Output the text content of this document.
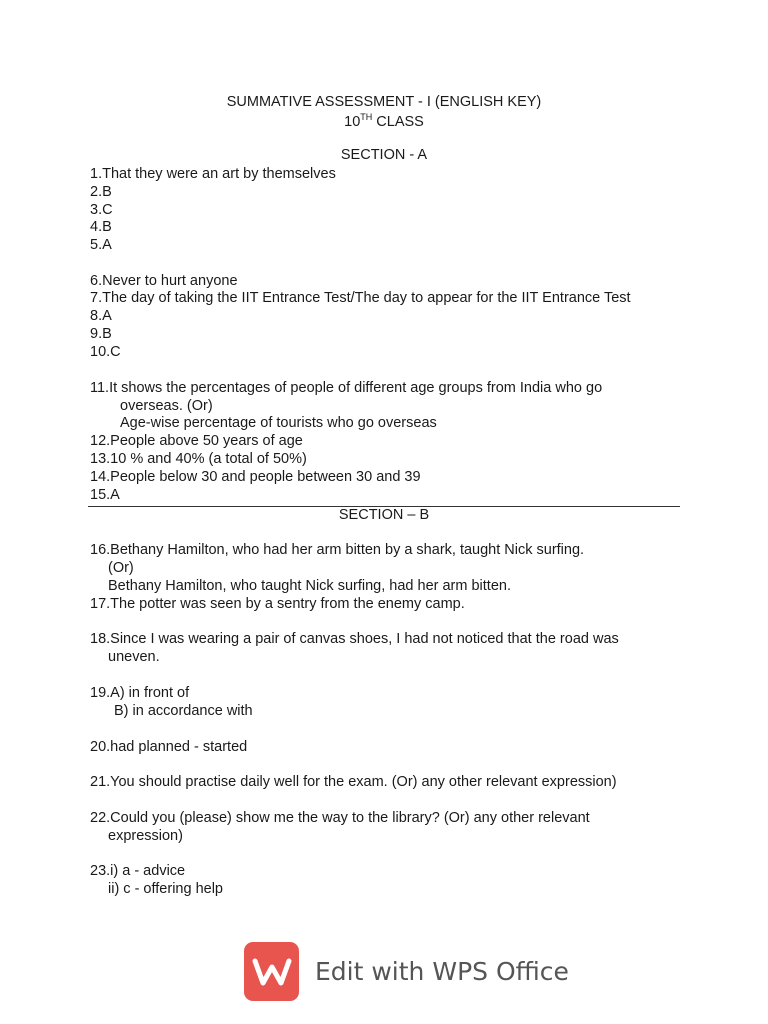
SUMMATIVE ASSESSMENT - I (ENGLISH KEY)
10TH CLASS
SECTION - A
1.That they were an art by themselves
2.B
3.C
4.B
5.A
6.Never to hurt anyone
7.The day of taking the IIT Entrance Test/The day to appear for the IIT Entrance Test
8.A
9.B
10.C
11.It shows the percentages of people of different age groups from India who go
overseas. (Or)
Age-wise percentage of tourists who go overseas
12.People above 50 years of age
13.10 % and 40% (a total of 50%)
14.People below 30 and people between 30 and 39
15.A
SECTION – B
16.Bethany Hamilton, who had her arm bitten by a shark, taught Nick surfing.
(Or)
Bethany Hamilton, who taught Nick surfing, had her arm bitten.
17.The potter was seen by a sentry from the enemy camp.
18.Since I was wearing a pair of canvas shoes, I had not noticed that the road was
uneven.
19.A) in front of
B) in accordance with
20.had planned - started
21.You should practise daily well for the exam. (Or) any other relevant expression)
22.Could you (please) show me the way to the library? (Or) any other relevant
expression)
23.i) a - advice
ii) c - offering help
Edit with WPS Office
